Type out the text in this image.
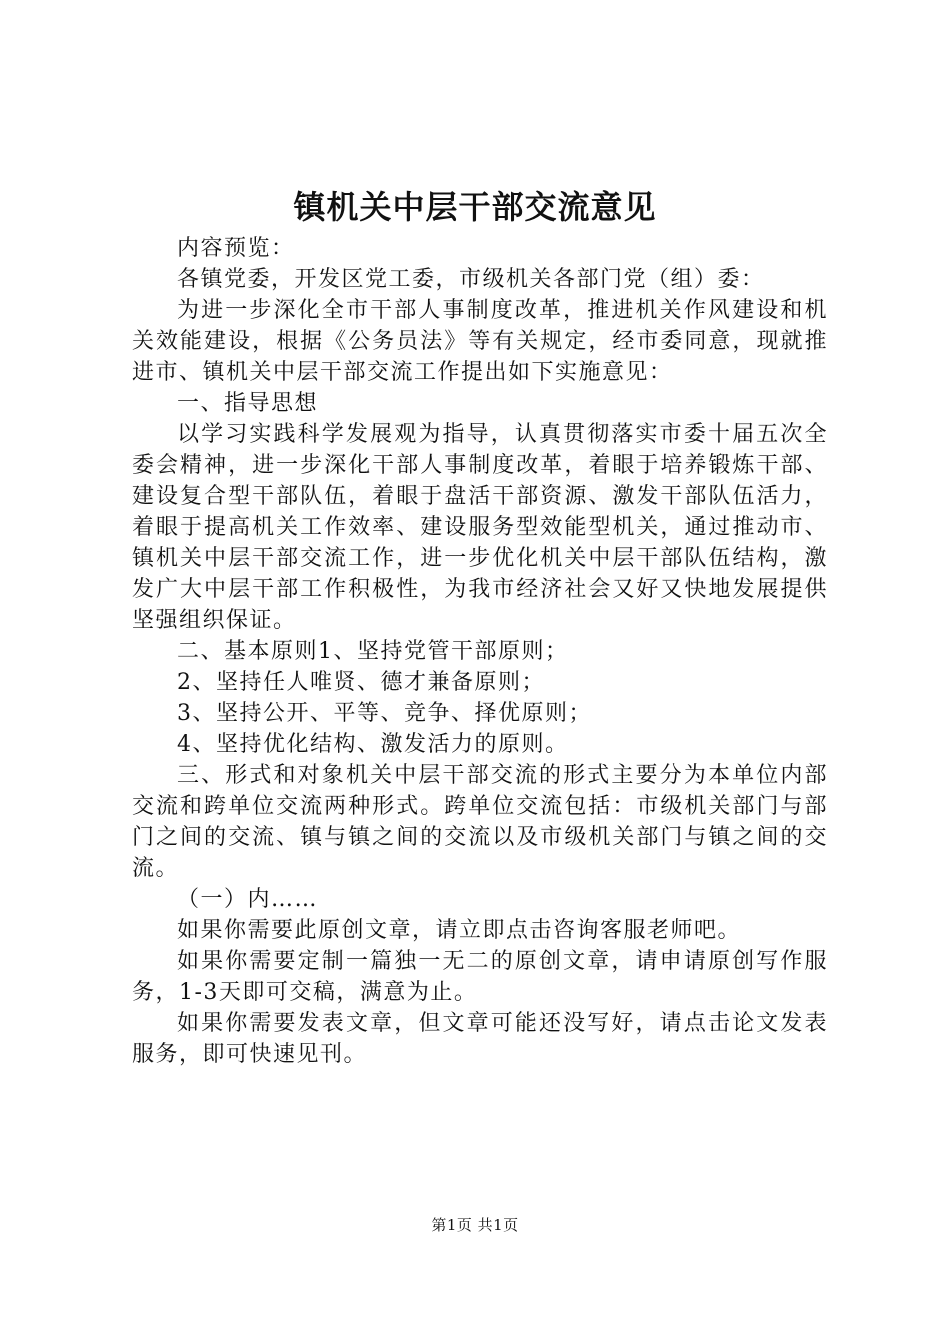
镇机关中层干部交流意见

内容预览：

各镇党委，开发区党工委，市级机关各部门党（组）委：

为进一步深化全市干部人事制度改革，推进机关作风建设和机关效能建设，根据《公务员法》等有关规定，经市委同意，现就推进市、镇机关中层干部交流工作提出如下实施意见：

一、指导思想

以学习实践科学发展观为指导，认真贯彻落实市委十届五次全委会精神，进一步深化干部人事制度改革，着眼于培养锻炼干部、建设复合型干部队伍，着眼于盘活干部资源、激发干部队伍活力，着眼于提高机关工作效率、建设服务型效能型机关，通过推动市、镇机关中层干部交流工作，进一步优化机关中层干部队伍结构，激发广大中层干部工作积极性，为我市经济社会又好又快地发展提供坚强组织保证。

二、基本原则1、坚持党管干部原则；

2、坚持任人唯贤、德才兼备原则；

3、坚持公开、平等、竞争、择优原则；

4、坚持优化结构、激发活力的原则。

三、形式和对象机关中层干部交流的形式主要分为本单位内部交流和跨单位交流两种形式。跨单位交流包括：市级机关部门与部门之间的交流、镇与镇之间的交流以及市级机关部门与镇之间的交流。

（一）内……

如果你需要此原创文章，请立即点击咨询客服老师吧。

如果你需要定制一篇独一无二的原创文章，请申请原创写作服务，1-3天即可交稿，满意为止。

如果你需要发表文章，但文章可能还没写好，请点击论文发表服务，即可快速见刊。

第1页 共1页
